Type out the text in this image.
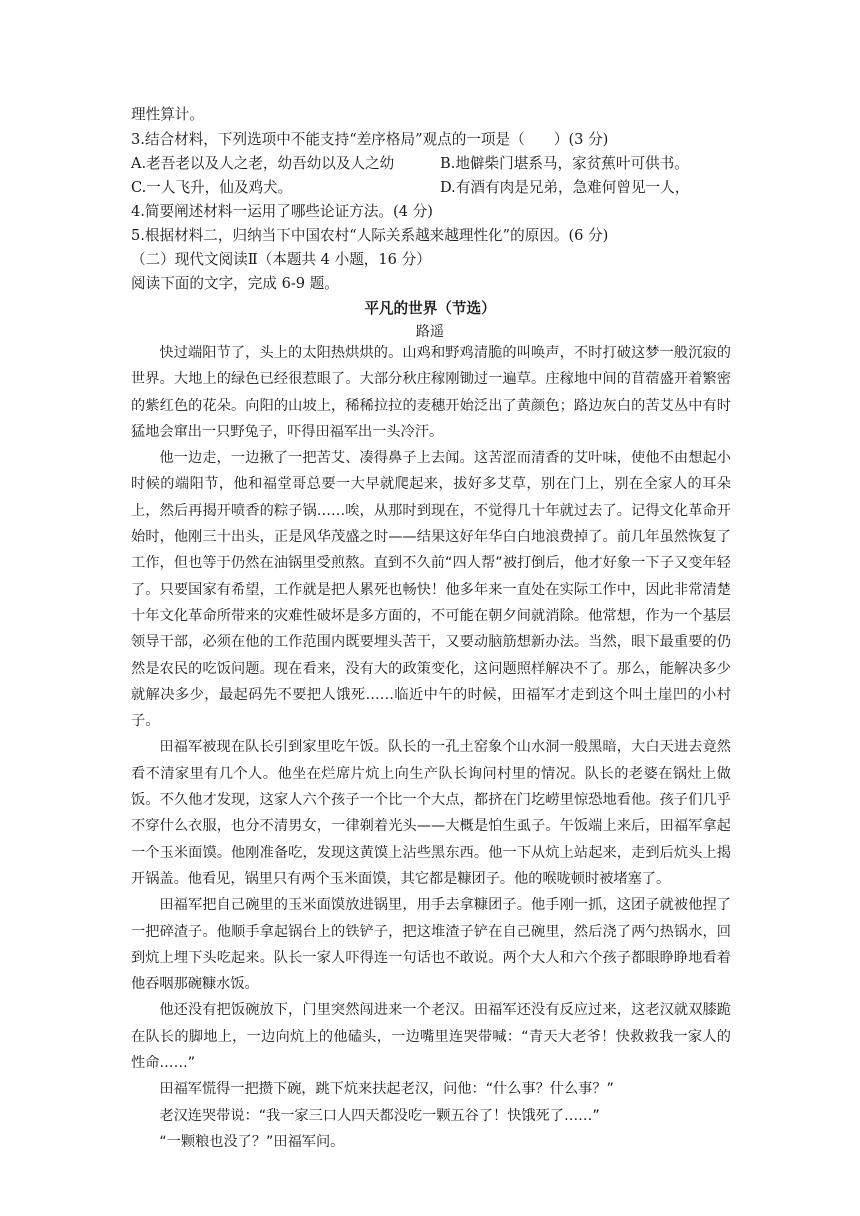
理性算计。
3.结合材料，下列选项中不能支持“差序格局”观点的一项是（　　）(3 分)
A.老吾老以及人之老，幼吾幼以及人之幼	B.地僻柴门堪系马，家贫蕉叶可供书。
C.一人飞升，仙及鸡犬。	D.有酒有肉是兄弟，急难何曾见一人，
4.简要阐述材料一运用了哪些论证方法。(4 分)
5.根据材料二，归纳当下中国农村“人际关系越来越理性化”的原因。(6 分)
（二）现代文阅读Ⅱ（本题共 4 小题，16 分）
阅读下面的文字，完成 6-9 题。
平凡的世界（节选）
路遥

快过端阳节了，头上的太阳热烘烘的。山鸡和野鸡清脆的叫唤声，不时打破这梦一般沉寂的世界。大地上的绿色已经很惹眼了。大部分秋庄稼刚锄过一遍草。庄稼地中间的苜蓿盛开着繁密的紫红色的花朵。向阳的山坡上，稀稀拉拉的麦穗开始泛出了黄颜色；路边灰白的苦艾丛中有时猛地会窜出一只野兔子，吓得田福军出一头冷汗。

他一边走，一边揪了一把苦艾、凑得鼻子上去闻。这苦涩而清香的艾叶味，使他不由想起小时候的端阳节，他和福堂哥总要一大早就爬起来，拔好多艾草，别在门上，别在全家人的耳朵上，然后再揭开喷香的粽子锅……唉，从那时到现在，不觉得几十年就过去了。记得文化革命开始时，他刚三十出头，正是风华茂盛之时——结果这好年华白白地浪费掉了。前几年虽然恢复了工作，但也等于仍然在油锅里受煎熬。直到不久前“四人帮”被打倒后，他才好象一下子又变年轻了。只要国家有希望，工作就是把人累死也畅快！他多年来一直处在实际工作中，因此非常清楚十年文化革命所带来的灾难性破坏是多方面的，不可能在朝夕间就消除。他常想，作为一个基层领导干部，必须在他的工作范围内既要埋头苦干，又要动脑筋想新办法。当然，眼下最重要的仍然是农民的吃饭问题。现在看来，没有大的政策变化，这问题照样解决不了。那么，能解决多少就解决多少，最起码先不要把人饿死……临近中午的时候，田福军才走到这个叫土崖凹的小村子。

田福军被现在队长引到家里吃午饭。队长的一孔土窑象个山水洞一般黑暗，大白天进去竟然看不清家里有几个人。他坐在烂席片炕上向生产队长询问村里的情况。队长的老婆在锅灶上做饭。不久他才发现，这家人六个孩子一个比一个大点，都挤在门圪崂里惊恐地看他。孩子们几乎不穿什么衣服，也分不清男女，一律剃着光头——大概是怕生虱子。午饭端上来后，田福军拿起一个玉米面馍。他刚准备吃，发现这黄馍上沾些黑东西。他一下从炕上站起来，走到后炕头上揭开锅盖。他看见，锅里只有两个玉米面馍，其它都是糠团子。他的喉咙顿时被堵塞了。

田福军把自己碗里的玉米面馍放进锅里，用手去拿糠团子。他手刚一抓，这团子就被他捏了一把碎渣子。他顺手拿起锅台上的铁铲子，把这堆渣子铲在自己碗里，然后浇了两勺热锅水，回到炕上埋下头吃起来。队长一家人吓得连一句话也不敢说。两个大人和六个孩子都眼睁睁地看着他吞咽那碗糠水饭。

他还没有把饭碗放下，门里突然闯进来一个老汉。田福军还没有反应过来，这老汉就双膝跪在队长的脚地上，一边向炕上的他磕头，一边嘴里连哭带喊：“青天大老爷！快救救我一家人的性命……”

田福军慌得一把攒下碗，跳下炕来扶起老汉，问他：“什么事？什么事？”

老汉连哭带说：“我一家三口人四天都没吃一颗五谷了！快饿死了……”

“一颗粮也没了？”田福军问。
